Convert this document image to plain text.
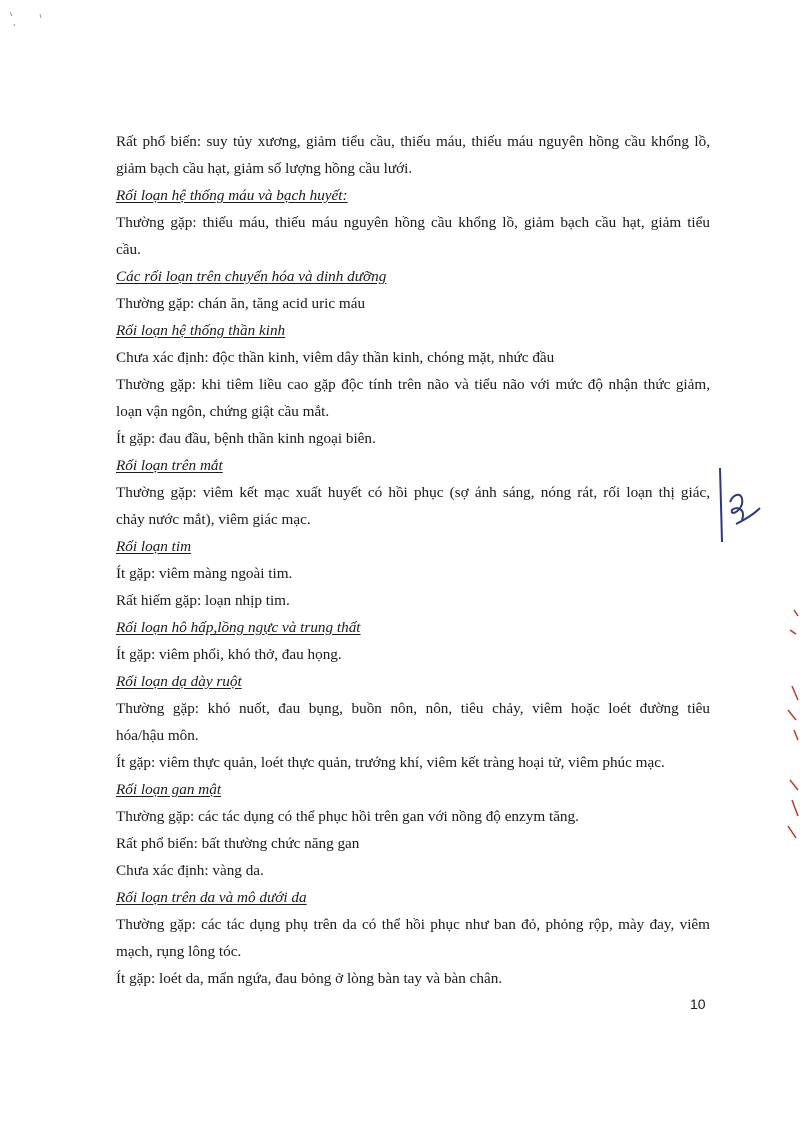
Rất phổ biến: suy tủy xương, giảm tiểu cầu, thiếu máu, thiếu máu nguyên hồng cầu khổng lồ,
giảm bạch cầu hạt, giảm số lượng hồng cầu lưới.
Rối loạn hệ thống máu và bạch huyết:
Thường gặp: thiếu máu, thiếu máu nguyên hồng cầu khổng lồ, giảm bạch cầu hạt, giảm tiểu
cầu.
Các rối loạn trên chuyển hóa và dinh dưỡng
Thường gặp: chán ăn, tăng acid uric máu
Rối loạn hệ thống thần kinh
Chưa xác định: độc thần kinh, viêm dây thần kinh, chóng mặt, nhức đầu
Thường gặp: khi tiêm liều cao gặp độc tính trên não và tiểu não với mức độ nhận thức giảm,
loạn vận ngôn, chứng giật cầu mắt.
Ít gặp: đau đầu, bệnh thần kinh ngoại biên.
Rối loạn trên mắt
Thường gặp: viêm kết mạc xuất huyết có hồi phục (sợ ánh sáng, nóng rát, rối loạn thị giác,
chảy nước mắt), viêm giác mạc.
Rối loạn tim
Ít gặp: viêm màng ngoài tim.
Rất hiếm gặp: loạn nhịp tim.
Rối loạn hô hấp,lồng ngực và trung thất
Ít gặp: viêm phổi, khó thở, đau họng.
Rối loạn dạ dày ruột
Thường gặp: khó nuốt, đau bụng, buồn nôn, nôn, tiêu chảy, viêm hoặc loét đường tiêu
hóa/hậu môn.
Ít gặp: viêm thực quản, loét thực quản, trướng khí, viêm kết tràng hoại tử, viêm phúc mạc.
Rối loạn gan mật
Thường gặp: các tác dụng có thể phục hồi trên gan với nồng độ enzym tăng.
Rất phổ biến: bất thường chức năng gan
Chưa xác định: vàng da.
Rối loạn trên da và mô dưới da
Thường gặp: các tác dụng phụ trên da có thể hồi phục như ban đỏ, phỏng rộp, mày đay, viêm
mạch, rụng lông tóc.
Ít gặp: loét da, mẩn ngứa, đau bỏng ở lòng bàn tay và bàn chân.
10
